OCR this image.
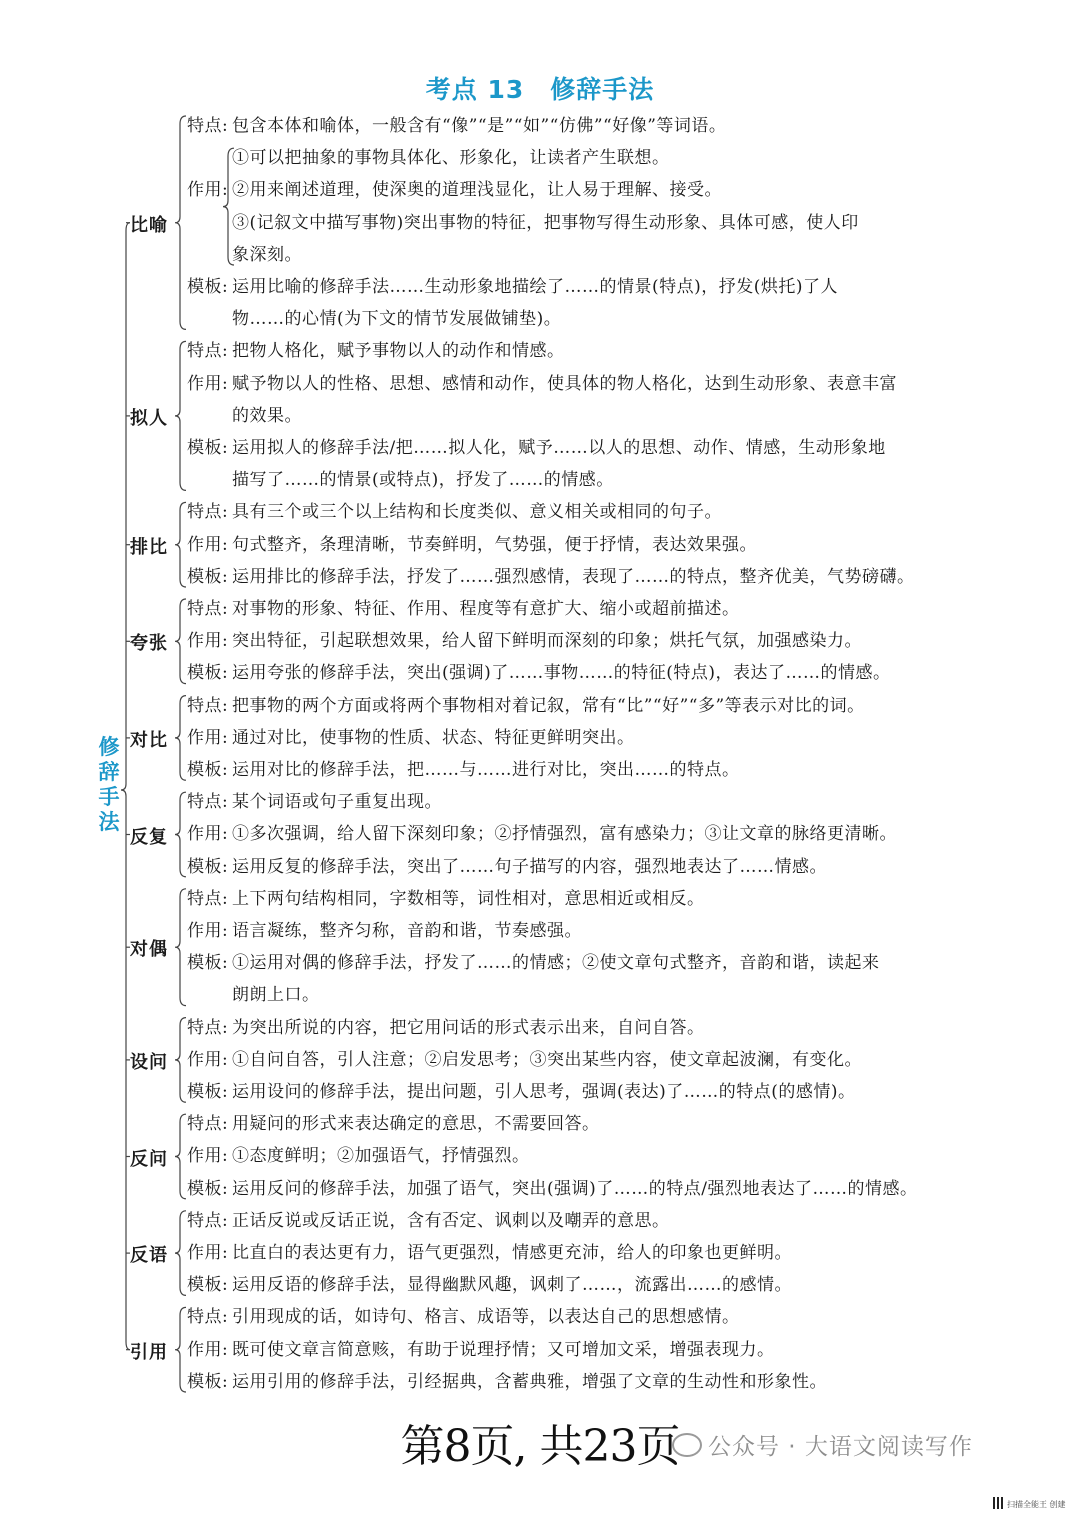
考点 13　修辞手法
修
辞
手
法
比喻
特点: 包含本体和喻体，一般含有“像”“是”“如”“仿佛”“好像”等词语。
①可以把抽象的事物具体化、形象化，让读者产生联想。
作用: ②用来阐述道理，使深奥的道理浅显化，让人易于理解、接受。
③(记叙文中描写事物)突出事物的特征，把事物写得生动形象、具体可感，使人印
象深刻。
模板: 运用比喻的修辞手法……生动形象地描绘了……的情景(特点)，抒发(烘托)了人
物……的心情(为下文的情节发展做铺垫)。
拟人
特点: 把物人格化，赋予事物以人的动作和情感。
作用: 赋予物以人的性格、思想、感情和动作，使具体的物人格化，达到生动形象、表意丰富
的效果。
模板: 运用拟人的修辞手法/把……拟人化，赋予……以人的思想、动作、情感，生动形象地
描写了……的情景(或特点)，抒发了……的情感。
排比
特点: 具有三个或三个以上结构和长度类似、意义相关或相同的句子。
作用: 句式整齐，条理清晰，节奏鲜明，气势强，便于抒情，表达效果强。
模板: 运用排比的修辞手法，抒发了……强烈感情，表现了……的特点，整齐优美，气势磅礴。
夸张
特点: 对事物的形象、特征、作用、程度等有意扩大、缩小或超前描述。
作用: 突出特征，引起联想效果，给人留下鲜明而深刻的印象；烘托气氛，加强感染力。
模板: 运用夸张的修辞手法，突出(强调)了……事物……的特征(特点)，表达了……的情感。
对比
特点: 把事物的两个方面或将两个事物相对着记叙，常有“比”“好”“多”等表示对比的词。
作用: 通过对比，使事物的性质、状态、特征更鲜明突出。
模板: 运用对比的修辞手法，把……与……进行对比，突出……的特点。
反复
特点: 某个词语或句子重复出现。
作用: ①多次强调，给人留下深刻印象；②抒情强烈，富有感染力；③让文章的脉络更清晰。
模板: 运用反复的修辞手法，突出了……句子描写的内容，强烈地表达了……情感。
对偶
特点: 上下两句结构相同，字数相等，词性相对，意思相近或相反。
作用: 语言凝练，整齐匀称，音韵和谐，节奏感强。
模板: ①运用对偶的修辞手法，抒发了……的情感；②使文章句式整齐，音韵和谐，读起来
朗朗上口。
设问
特点: 为突出所说的内容，把它用问话的形式表示出来，自问自答。
作用: ①自问自答，引人注意；②启发思考；③突出某些内容，使文章起波澜，有变化。
模板: 运用设问的修辞手法，提出问题，引人思考，强调(表达)了……的特点(的感情)。
反问
特点: 用疑问的形式来表达确定的意思，不需要回答。
作用: ①态度鲜明；②加强语气，抒情强烈。
模板: 运用反问的修辞手法，加强了语气，突出(强调)了……的特点/强烈地表达了……的情感。
反语
特点: 正话反说或反话正说，含有否定、讽刺以及嘲弄的意思。
作用: 比直白的表达更有力，语气更强烈，情感更充沛，给人的印象也更鲜明。
模板: 运用反语的修辞手法，显得幽默风趣，讽刺了……，流露出……的感情。
引用
特点: 引用现成的话，如诗句、格言、成语等，以表达自己的思想感情。
作用: 既可使文章言简意赅，有助于说理抒情；又可增加文采，增强表现力。
模板: 运用引用的修辞手法，引经据典，含蓄典雅，增强了文章的生动性和形象性。
第8页, 共23页	公众号 · 大语文阅读写作
扫描全能王 创建
